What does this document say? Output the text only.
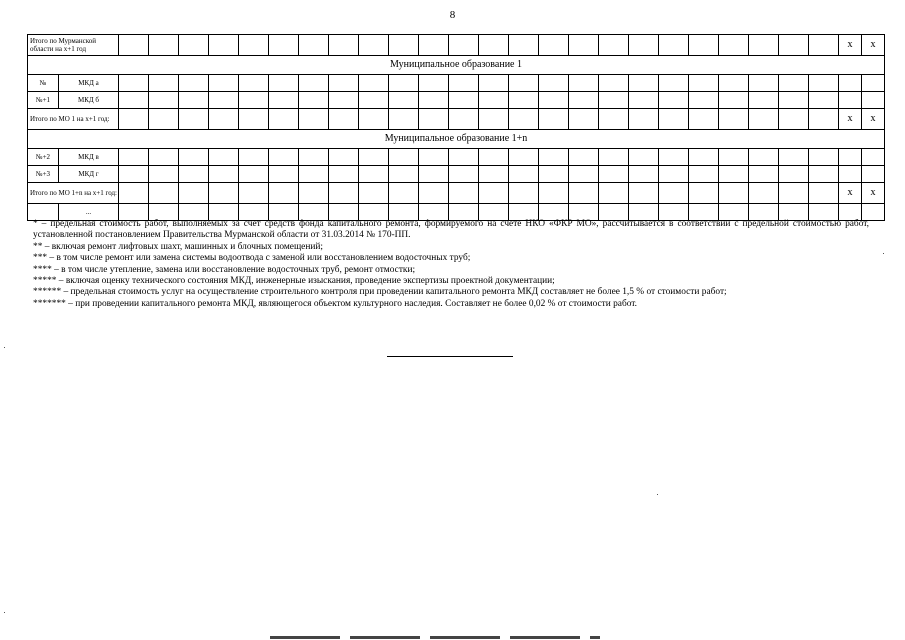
8
Итого по Мурманской области на х+1 год																										x	x
Муниципальное образование 1																											
№	МКД а																										
№+1	МКД б																										
Итого по МО 1 на х+1 год:																										x	x
Муниципальное образование 1+n																											
№+2	МКД в																										
№+3	МКД г																										
Итого по МО 1+n на х+1 год:																										x	x
	...																										

* – предельная стоимость работ, выполняемых за счет средств фонда капитального ремонта, формируемого на счете НКО «ФКР МО», рассчитывается в соответствии с предельной стоимостью работ, установленной постановлением Правительства Мурманской области от 31.03.2014 № 170-ПП.

** – включая ремонт лифтовых шахт, машинных и блочных помещений;

*** – в том числе ремонт или замена системы водоотвода с заменой или восстановлением водосточных труб;

**** – в том числе утепление, замена или восстановление водосточных труб, ремонт отмостки;

***** – включая оценку технического состояния МКД, инженерные изыскания, проведение экспертизы проектной документации;

****** – предельная стоимость услуг на осуществление строительного контроля при проведении капитального ремонта МКД составляет не более 1,5 % от стоимости работ;

******* – при проведении капитального ремонта МКД, являющегося объектом культурного наследия. Составляет не более 0,02 % от стоимости работ.
